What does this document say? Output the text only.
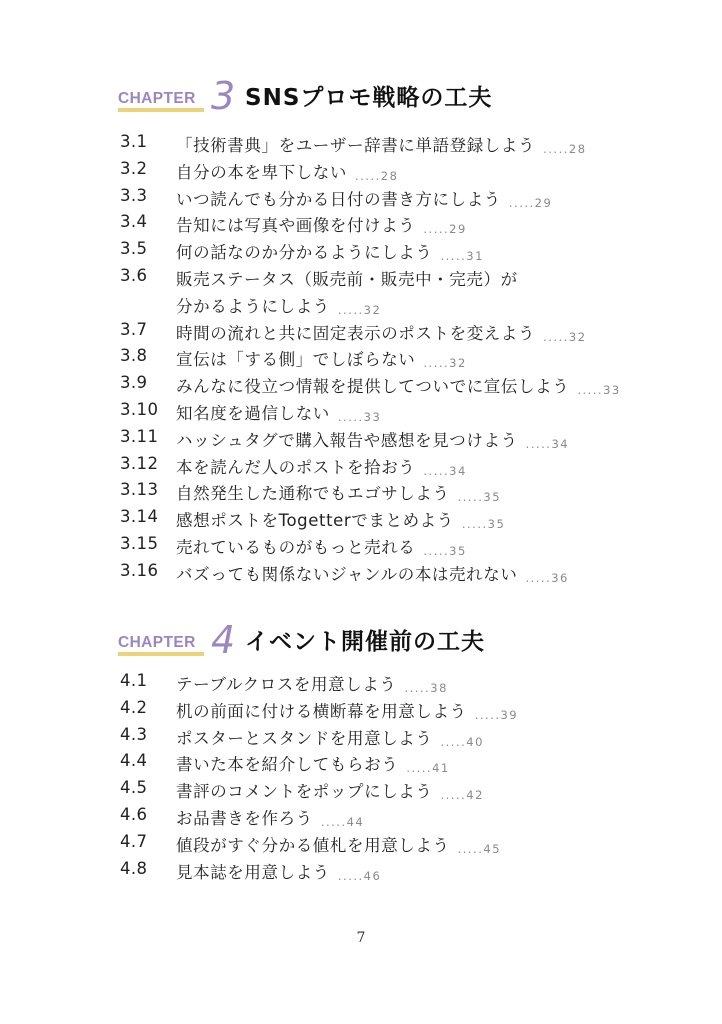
CHAPTER 3 SNSプロモ戦略の工夫
3.1 「技術書典」をユーザー辞書に単語登録しよう .....28
3.2 自分の本を卑下しない .....28
3.3 いつ読んでも分かる日付の書き方にしよう .....29
3.4 告知には写真や画像を付けよう .....29
3.5 何の話なのか分かるようにしよう .....31
3.6 販売ステータス（販売前・販売中・完売）が
分かるようにしよう .....32
3.7 時間の流れと共に固定表示のポストを変えよう .....32
3.8 宣伝は「する側」でしぼらない .....32
3.9 みんなに役立つ情報を提供してついでに宣伝しよう .....33
3.10 知名度を過信しない .....33
3.11 ハッシュタグで購入報告や感想を見つけよう .....34
3.12 本を読んだ人のポストを拾おう .....34
3.13 自然発生した通称でもエゴサしよう .....35
3.14 感想ポストをTogetterでまとめよう .....35
3.15 売れているものがもっと売れる .....35
3.16 バズっても関係ないジャンルの本は売れない .....36
CHAPTER 4 イベント開催前の工夫
4.1 テーブルクロスを用意しよう .....38
4.2 机の前面に付ける横断幕を用意しよう .....39
4.3 ポスターとスタンドを用意しよう .....40
4.4 書いた本を紹介してもらおう .....41
4.5 書評のコメントをポップにしよう .....42
4.6 お品書きを作ろう .....44
4.7 値段がすぐ分かる値札を用意しよう .....45
4.8 見本誌を用意しよう .....46
7
